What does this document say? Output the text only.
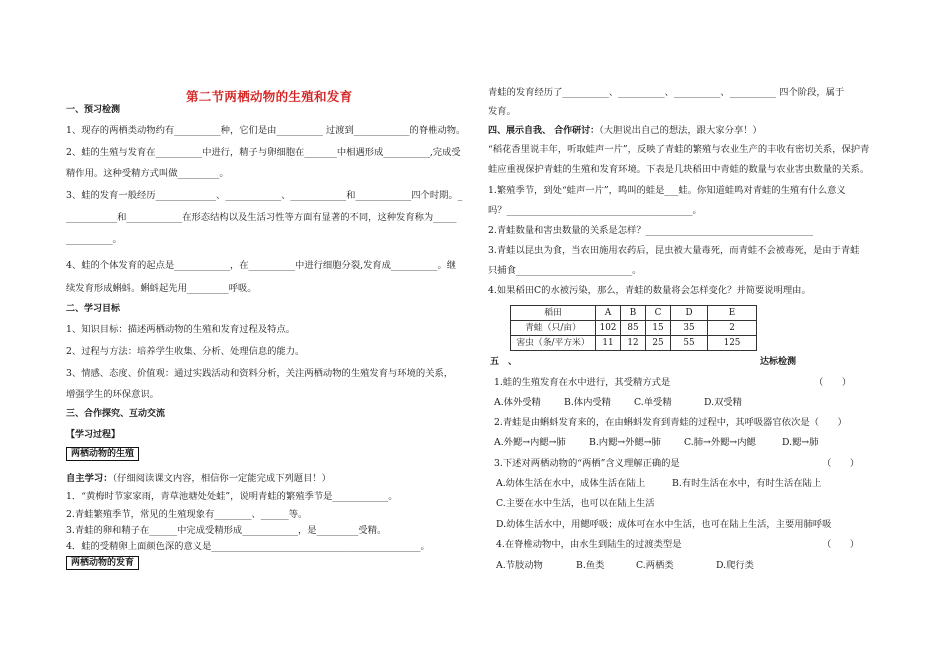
第二节两栖动物的生殖和发育
一、预习检测
1、现存的两栖类动物约有__________种，它们是由__________ 过渡到____________的脊椎动物。
2、蛙的生殖与发育在__________中进行，精子与卵细胞在_______中相遇形成__________,完成受
精作用。这种受精方式叫做_________。
3、蛙的发育一般经历_____________、____________、____________和____________四个时期。_
___________和____________在形态结构以及生活习性等方面有显著的不同，这种发育称为_____
__________。
4、蛙的个体发育的起点是____________，在__________中进行细胞分裂,发育成__________。继
续发育形成蝌蚪。蝌蚪起先用_________呼吸。
二、学习目标
1、知识目标：描述两栖动物的生殖和发育过程及特点。
2、过程与方法：培养学生收集、分析、处理信息的能力。
3、情感、态度、价值观：通过实践活动和资料分析，关注两栖动物的生殖发育与环境的关系，
增强学生的环保意识。
三、合作探究、互动交流
【学习过程】
两栖动物的生殖
自主学习：（仔细阅读课文内容，相信你一定能完成下列题目！）
1．“黄梅时节家家雨，青草池塘处处蛙”，说明青蛙的繁殖季节是____________。
2.青蛙繁殖季节，常见的生殖现象有________、______等。
3.青蛙的卵和精子在______中完成受精形成____________，是_________受精。
4．蛙的受精卵上面颜色深的意义是_____________________________________________。
两栖动物的发育
青蛙的发育经历了__________、__________、__________、__________ 四个阶段，属于
发育。
四、展示自我、 合作研讨：（大胆说出自己的想法，跟大家分享！）
“稻花香里说丰年，听取蛙声一片”，反映了青蛙的繁殖与农业生产的丰收有密切关系，保护青
蛙应重视保护青蛙的生殖和发育环境。下表是几块稻田中青蛙的数量与农业害虫数量的关系。
1.繁殖季节，到处“蛙声一片”，鸣叫的蛙是___蛙。你知道蛙鸣对青蛙的生殖有什么意义
吗？________________________________________。
2.青蛙数量和害虫数量的关系是怎样？____________________________________
3.青蛙以昆虫为食，当农田施用农药后，昆虫被大量毒死，而青蛙不会被毒死，是由于青蛙
只捕食_________________________。
4.如果稻田C的水被污染，那么，青蛙的数量将会怎样变化？并简要说明理由。
稻田	A	B	C	D	E
青蛙（只/亩）	102	85	15	35	2
害虫（条/平方米）	11	12	25	55	125
五　、	达标检测
1.蛙的生殖发育在水中进行，其受精方式是	（　　）
A.体外受精 B.体内受精 C.单受精	D.双受精
2.青蛙是由蝌蚪发育来的，在由蝌蚪发育到青蛙的过程中，其呼吸器官依次是（　　）
A.外鳃→内鳃→肺	B.内鳃→外鳃→肺 C.肺→外鳃→内鳃	D.鳃→肺
3.下述对两栖动物的“两栖”含义理解正确的是	（　　）
A.幼体生活在水中，成体生活在陆上	B.有时生活在水中，有时生活在陆上
C.主要在水中生活，也可以在陆上生活
D.幼体生活水中，用鳃呼吸；成体可在水中生活，也可在陆上生活，主要用肺呼吸
4.在脊椎动物中，由水生到陆生的过渡类型是	（　　）
A.节肢动物	B.鱼类	C.两栖类	D.爬行类
